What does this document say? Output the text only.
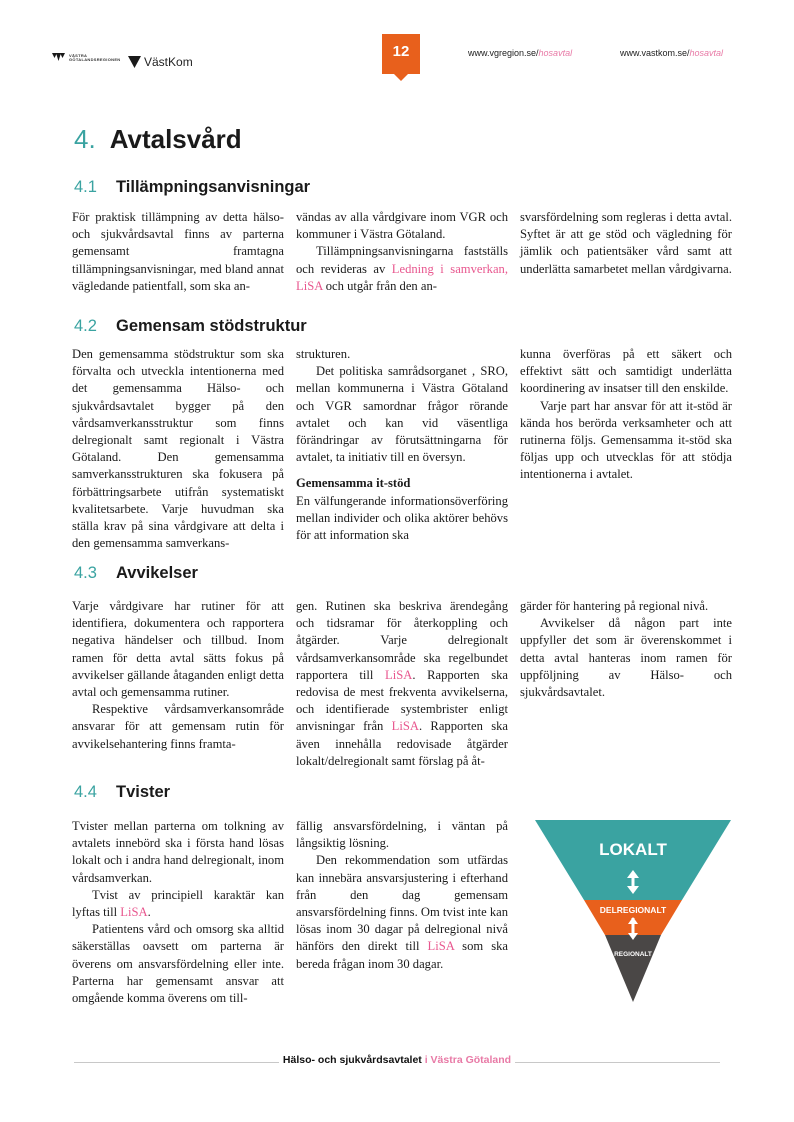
VÄSTRA GÖTALANDSREGIONEN VästKom
12	www.vgregion.se/hosavtal	www.vastkom.se/hosavtal
4. Avtalsvård
4.1 Tillämpningsanvisningar

För praktisk tillämpning av detta hälso- och sjukvårdsavtal finns av parterna gemensamt framtagna tillämpningsanvisningar, med bland annat vägledande patientfall, som ska an-

vändas av alla vårdgivare inom VGR och kommuner i Västra Götaland.

Tillämpningsanvisningarna fastställs och revideras av Ledning i samverkan, LiSA och utgår från den an-

svarsfördelning som regleras i detta avtal. Syftet är att ge stöd och vägledning för jämlik och patientsäker vård samt att underlätta samarbetet mellan vårdgivarna.

4.2 Gemensam stödstruktur

Den gemensamma stödstruktur som ska förvalta och utveckla intentionerna med det gemensamma Hälso- och sjukvårdsavtalet bygger på den vårdsamverkansstruktur som finns delregionalt samt regionalt i Västra Götaland. Den gemensamma samverkansstrukturen ska fokusera på förbättringsarbete utifrån systematiskt kvalitetsarbete. Varje huvudman ska ställa krav på sina vårdgivare att delta i den gemensamma samverkans-

strukturen.

Det politiska samrådsorganet , SRO, mellan kommunerna i Västra Götaland och VGR samordnar frågor rörande avtalet och kan vid väsentliga förändringar av förutsättningarna för avtalet, ta initiativ till en översyn.

Gemensamma it-stöd

En välfungerande informationsöverföring mellan individer och olika aktörer behövs för att information ska

kunna överföras på ett säkert och effektivt sätt och samtidigt underlätta koordinering av insatser till den enskilde.

Varje part har ansvar för att it-stöd är kända hos berörda verksamheter och att rutinerna följs. Gemensamma it-stöd ska följas upp och utvecklas för att stödja intentionerna i avtalet.

4.3 Avvikelser

Varje vårdgivare har rutiner för att identifiera, dokumentera och rapportera negativa händelser och tillbud. Inom ramen för detta avtal sätts fokus på avvikelser gällande åtaganden enligt detta avtal och gemensamma rutiner.

Respektive vårdsamverkansområde ansvarar för att gemensam rutin för avvikelsehantering finns framta-

gen. Rutinen ska beskriva ärendegång och tidsramar för återkoppling och åtgärder. Varje delregionalt vårdsamverkansområde ska regelbundet rapportera till LiSA. Rapporten ska redovisa de mest frekventa avvikelserna, och identifierade systembrister enligt anvisningar från LiSA. Rapporten ska även innehålla redovisade åtgärder lokalt/delregionalt samt förslag på åt-

gärder för hantering på regional nivå.

Avvikelser då någon part inte uppfyller det som är överenskommet i detta avtal hanteras inom ramen för uppföljning av Hälso- och sjukvårdsavtalet.

4.4 Tvister

Tvister mellan parterna om tolkning av avtalets innebörd ska i första hand lösas lokalt och i andra hand delregionalt, inom vårdsamverkan.

Tvist av principiell karaktär kan lyftas till LiSA.

Patientens vård och omsorg ska alltid säkerställas oavsett om parterna är överens om ansvarsfördelning eller inte. Parterna har gemensamt ansvar att omgående komma överens om till-

fällig ansvarsfördelning, i väntan på långsiktig lösning.

Den rekommendation som utfärdas kan innebära ansvarsjustering i efterhand från den dag gemensam ansvarsfördelning finns. Om tvist inte kan lösas inom 30 dagar på delregional nivå hänförs den direkt till LiSA som ska bereda frågan inom 30 dagar.

LOKALT
DELREGIONALT
REGIONALT
Hälso- och sjukvårdsavtalet i Västra Götaland
